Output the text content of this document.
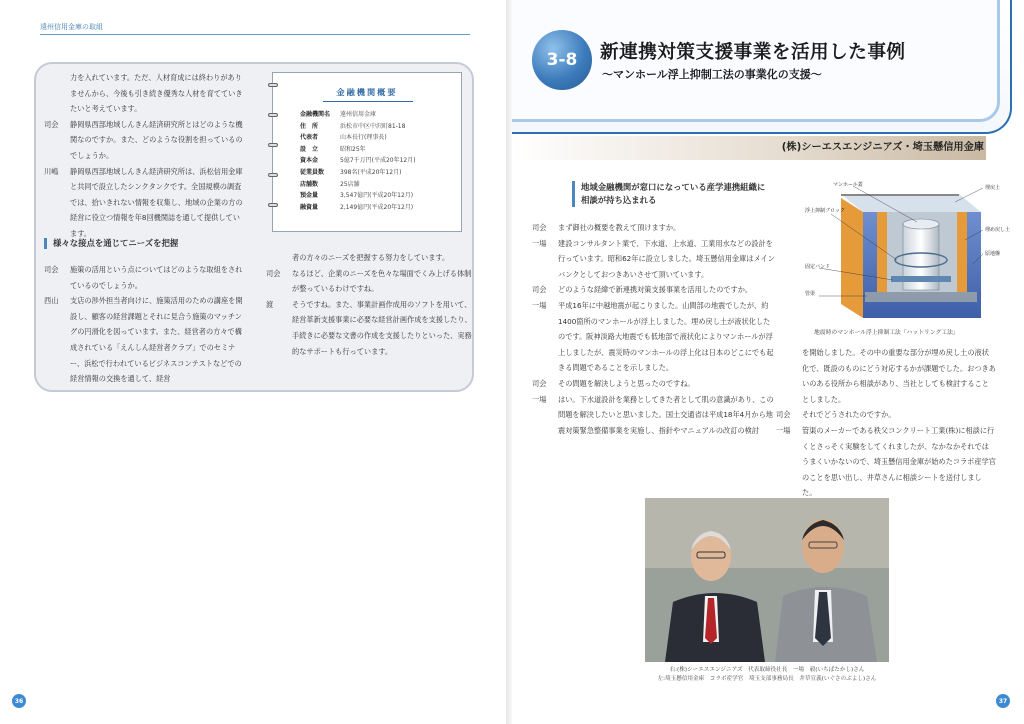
遠州信用金庫の取組
力を入れています。ただ、人材育成には終わりがありませんから、今後も引き続き優秀な人材を育てていきたいと考えています。
司会	静岡県西部地域しんきん経済研究所とはどのような機関なのですか。また、どのような役割を担っているのでしょうか。
川嶋	静岡県西部地域しんきん経済研究所は、浜松信用金庫と共同で設立したシンクタンクです。全国規模の調査では、拾いきれない情報を収集し、地域の企業の方の経営に役立つ情報を年8回機関誌を通して提供しています。
様々な接点を通じてニーズを把握
司会	施策の活用という点についてはどのような取組をされているのでしょうか。
西山	支店の渉外担当者向けに、施策活用のための講座を開設し、顧客の経営課題とそれに見合う施策のマッチングの円滑化を図っています。また、経営者の方々で構成されている「えんしん経営者クラブ」でのセミナー、浜松で行われているビジネスコンテストなどでの経営情報の交換を通して、経営
者の方々のニーズを把握する努力をしています。
司会	なるほど、企業のニーズを色々な場面でくみ上げる体制が整っているわけですね。
渡	そうですね。また、事業計画作成用のソフトを用いて、経営革新支援事業に必要な経営計画作成を支援したり、手続きに必要な文書の作成を支援したりといった、実務的なサポートも行っています。
金融機関概要
金融機関名 遠州信用金庫
住　所	浜松市中区中沢町81-18
代表者	山本長行(理事長)
設　立	昭和25年
資本金	5億7千万円(平成20年12月)
従業員数	398名(平成20年12月)
店舗数	25店舗
預金量	3,547億円(平成20年12月)
融資量	2,149億円(平成20年12月)
36
3-8	新連携対策支援事業を活用した事例
～マンホール浮上抑制工法の事業化の支援～
(株)シーエスエンジニアズ・埼玉懸信用金庫
地域金融機関が窓口になっている産学連携組織に相談が持ち込まれる
司会	まず御社の概要を教えて頂けますか。
一場	建設コンサルタント業で、下水道、上水道、工業用水などの設計を行っています。昭和62年に設立しました。埼玉懸信用金庫はメインバンクとしておつきあいさせて頂いています。
司会	どのような経緯で新連携対策支援事業を活用したのですか。
一場	平成16年に中越地震が起こりました。山間部の地震でしたが、約1400箇所のマンホールが浮上しました。埋め戻し土が液状化したのです。阪神淡路大地震でも低地部で液状化によりマンホールが浮上しましたが、震災時のマンホールの浮上化は日本のどこにでも起きる問題であることを示しました。
司会	その問題を解決しようと思ったのですね。
一場	はい。下水道設計を業務としてきた者として肌の意識があり、この問題を解決したいと思いました。国土交通省は平成18年4月から地震対策緊急整備事業を実施し、指針やマニュアルの改訂の検討
を開始しました。その中の重要な部分が埋め戻し土の液状化で、既設のものにどう対応するかが課題でした。おつきあいのある役所から相談があり、当社としても検討することとしました。
司会	それでどうされたのですか。
一場	管渠のメーカーである秩父コンクリート工業(株)に相談に行くとさっそく実験をしてくれましたが、なかなかそれではうまくいかないので、埼玉懸信用金庫が始めたコラボ産学官のことを思い出し、井草さんに相談シートを送付しました。
マンホール蓋
浮上抑制ブロック
固定バンド
管渠
埋戻土
埋め戻し土
原地盤
地震時のマンホール浮上抑制工法「ハットリング工法」
右:(株)シーエスエンジニアズ　代表取締役社長　一場　毅(いちばたかし)さん
左:埼玉懸信用金庫　コラボ産学官　埼玉支部事務局長　井草宣義(いぐさのぶよし)さん
37
